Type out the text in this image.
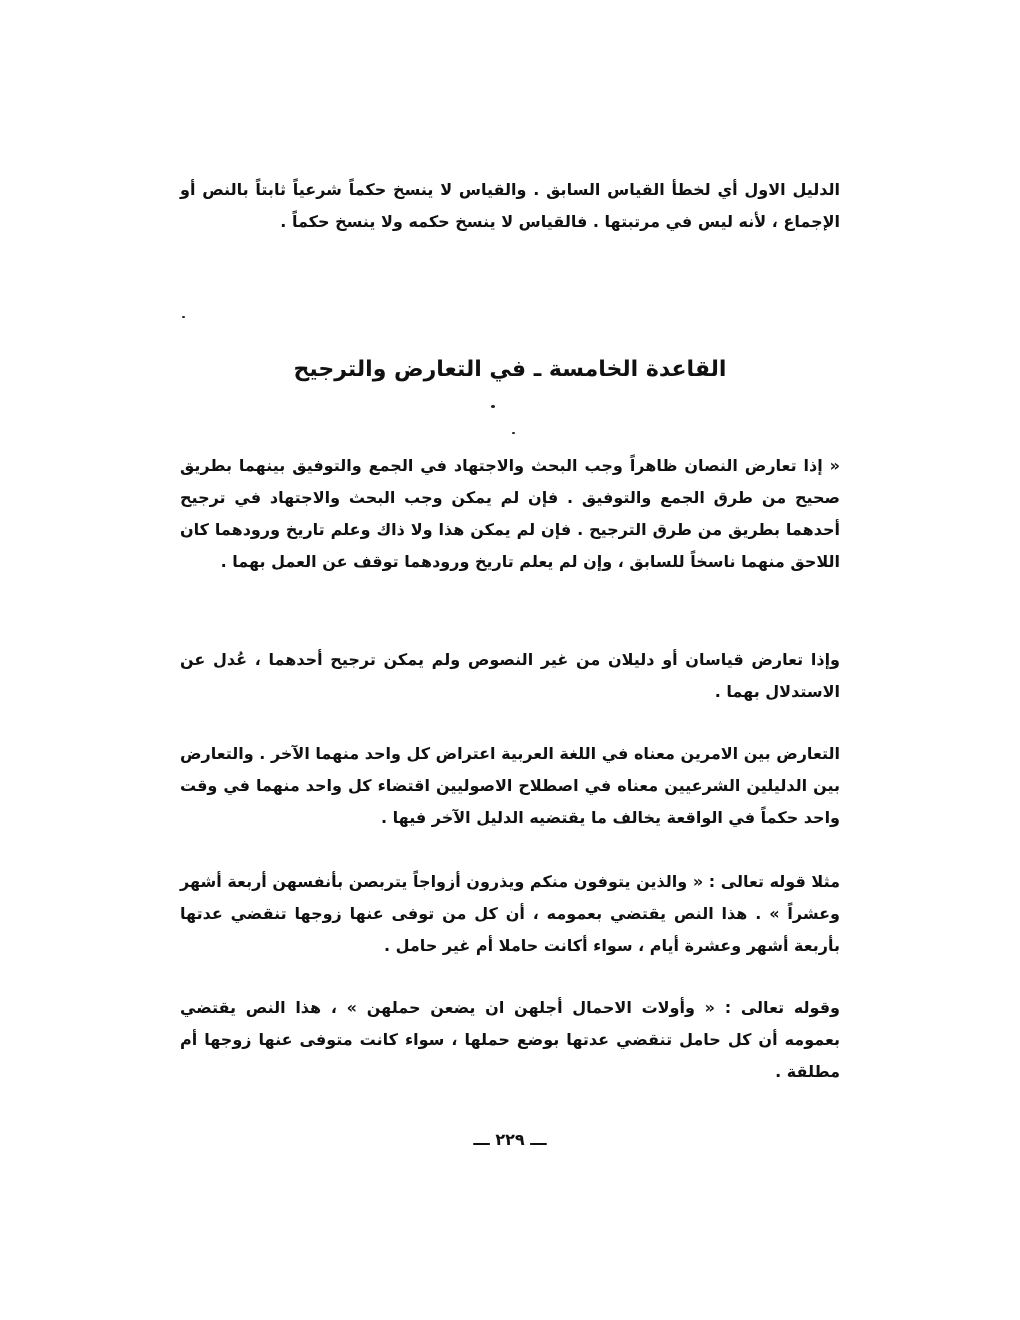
الدليل الاول أي لخطأ القياس السابق . والقياس لا ينسخ حكماً شرعياً ثابتاً بالنص أو الإجماع ، لأنه ليس في مرتبتها . فالقياس لا ينسخ حكمه ولا ينسخ حكماً .

القاعدة الخامسة ـ في التعارض والترجيح

« إذا تعارض النصان ظاهراً وجب البحث والاجتهاد في الجمع والتوفيق بينهما بطريق صحيح من طرق الجمع والتوفيق . فإن لم يمكن وجب البحث والاجتهاد في ترجيح أحدهما بطريق من طرق الترجيح . فإن لم يمكن هذا ولا ذاك وعلم تاريخ ورودهما كان اللاحق منهما ناسخاً للسابق ، وإن لم يعلم تاريخ ورودهما توقف عن العمل بهما .

وإذا تعارض قياسان أو دليلان من غير النصوص ولم يمكن ترجيح أحدهما ، عُدل عن الاستدلال بهما .

التعارض بين الامرين معناه في اللغة العربية اعتراض كل واحد منهما الآخر . والتعارض بين الدليلين الشرعيين معناه في اصطلاح الاصوليين اقتضاء كل واحد منهما في وقت واحد حكماً في الواقعة يخالف ما يقتضيه الدليل الآخر فيها .

مثلا قوله تعالى : « والذين يتوفون منكم ويذرون أزواجاً يتربصن بأنفسهن أربعة أشهر وعشراً » . هذا النص يقتضي بعمومه ، أن كل من توفى عنها زوجها تنقضي عدتها بأربعة أشهر وعشرة أيام ، سواء أكانت حاملا أم غير حامل .

وقوله تعالى : « وأولات الاحمال أجلهن ان يضعن حملهن » ، هذا النص يقتضي بعمومه أن كل حامل تنقضي عدتها بوضع حملها ، سواء كانت متوفى عنها زوجها أم مطلقة .

ـــ ٢٢٩ ـــ
